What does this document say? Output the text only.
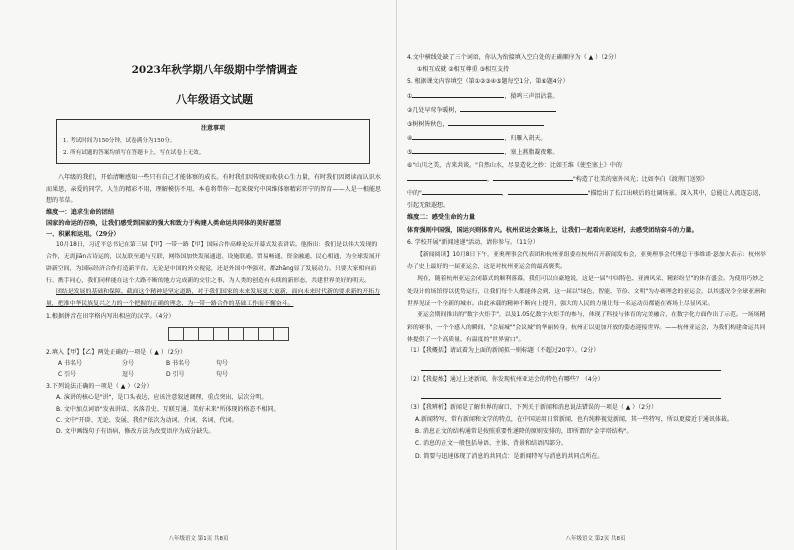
2023年秋学期八年级期中学情调查
八年级语文试题
注意事项
1. 考试时间为150分钟，试卷满分为150分。
2. 所有试题的答案均填写在答题卡上，写在试卷上无效。

八年级的我们，开始清晰感知一些只有自己才能体察的成长。有时我们因传统而收获心生力量，有时我们因阅读而认识水而果思，亲爱的同学，人生的精彩不用，理解模仿不用。本卷将带你一起来探究中国维体察精彩开宁的智育——人是一根能思想的苇草。

维度一：追求生命的团结

国家的命运的召唤，让我们感受到国家的强大和致力于构建人类命运共同体的美好愿望

一、积累和运用。（29分）

10月18日，习近平总书记在第三届【甲】一带一路【甲】国际合作高峰论坛开幕式发表讲话。他指出：我们是以伟大发现的合作，无需jiān古诗运的，以友联至通与互联，网络国加快发展通道、设施联通、贸易畅通、资金融通、民心相通，为全球发展开辟新空间，为国际经济合作打造新平台。无论是中国的外交视觉，还是外国中华强对，都zhāng显了发展动力。只要大家相向而行、携手同心，我们同样能在这个大路不断的地方完成新的交往之事，为人类的创造有永续的新形态，共建世界美好的明天。

团结是发展的基础和保障。截面这个精神是坚定道路，对于我们国家的未来发展更大更新，面向未来时代新的要求新的开拓力量，把准中华民族复兴之力的一个把握的正确的理念，为一带一路合作的基础工作而不懈奋斗。

1.根据拼音在田字格内写出相应的汉字。（4分）

2.填入【甲】【乙】两处正确的一项是（ ▲ ）（2分）

A 书名号	分号	B 书名号	句号
C 引号	逗号	D 引号	句号

3.下列说法正确的一项是（ ▲ ）（2分）

A. 演讲的核心是"讲"，是口头表达，应该注意叙述调理、重点突出、层次分明。

B. 文中加点词语"发表讲话、名落青史、互联互通、美好未来"所体现的格态不相同。

C. 文中"开辟、无论、发展、我们"依次为动词、介词、名词、代词。

D. 文中画线句子有语病，修改方法为改变语序为成分缺失。

八年级语文 第1页 共8页

4.文中横线处缺了三个词语，你认为衔接填入空白处的正确顺序为（ ▲ ）（2分）

①相互成就 ②相互尊重 ③相互支持

5. 根据课文内容填空（第①②③④⑤题每空1分，第⑥题4分）

①	，猿鸣三声泪沾裳。

②几处早莺争暖树，

③树树皆秋色，

④	，归雁入胡天。

⑤	，塞上燕脂凝夜紫。

⑥"山川之美，古来共谈。"自然山水，尽显造化之妙：比如王维《使至塞上》中的

，	"构造了壮美的塞外风光；比如李白《渡荆门送别》

中的"	，	"描绘出了长江出峡后的壮阔场景。深入其中，总能让人流连忘返，引起无限遐想。

维度二：感受生命的力量

体育强则中国强，国运兴则体育兴。杭州亚运会赛场上，让我们一起看向亚运村，去感受团结奋斗的力量。

6. 学校开展"新闻速递"活动，请你参与。（11分）

【新闻阅读】10月8日下午，亚奥理事会代表团和杭州亚组委在杭州召开新闻发布会，亚奥理事会代理总干事维诺·瑟加夫表示：杭州举办了史上最好的一届亚运会，这是对杭州亚运会的最高褒奖。

现在，随着杭州亚运会闭幕式的顺利落幕，我们可以自豪地说，这是一届"中国特色、亚洲风采、精彩纷呈"的体育盛会。为使用巧妙之处设计的场馆得以优势运行，让我们每个人都能体会到，这一届以"绿色、智能、节俭、文明"为办赛理念的亚运会，以其盛况令全球亚洲和世界见证一个全新的城市。由此承载的精神不断向上提升，强大的人民的力量让每一名运动员都能在赛场上尽显风采。

亚运会期间推出的"数字火炬手"，以及1.05亿数字火炬手的参与，体现了科技与体育的完美融合，在数字化方面作出了示范。一场场精彩的赛事，一个个感人的瞬间，"会展城""会议城"的华丽转身，杭州正以更加开放的姿态迎接世界。——杭州亚运会，为我们构建命运共同体提供了一个高质量、有温度的"世界窗口"。

（1）【我概括】请试着为上面的新闻拟一则标题（不超过20字）。（2分）

（2）【我提炼】通过上述新闻，你发现杭州亚运会的特色有哪些？（4分）

（3）【我辨析】新闻是了解世界的窗口，下列关于新闻和消息说法错误的一项是（ ▲ ）（2分）

A.新闻特写，常有新闻和文学的特点，在中国运用日常新闻，也有纯粹视觉新闻，其一些特写，所以更接近于通讯体裁。

B. 消息正文的结构通常是按照重要性递降的原则安排的，即所谓的"金字塔结构"。

C. 消息的正文一般包括导语、主体、背景和结语四部分。

D. 简要与迅速体现了消息的共同点：是新闻特写与消息的共同点所在。

八年级语文 第2页 共8页
